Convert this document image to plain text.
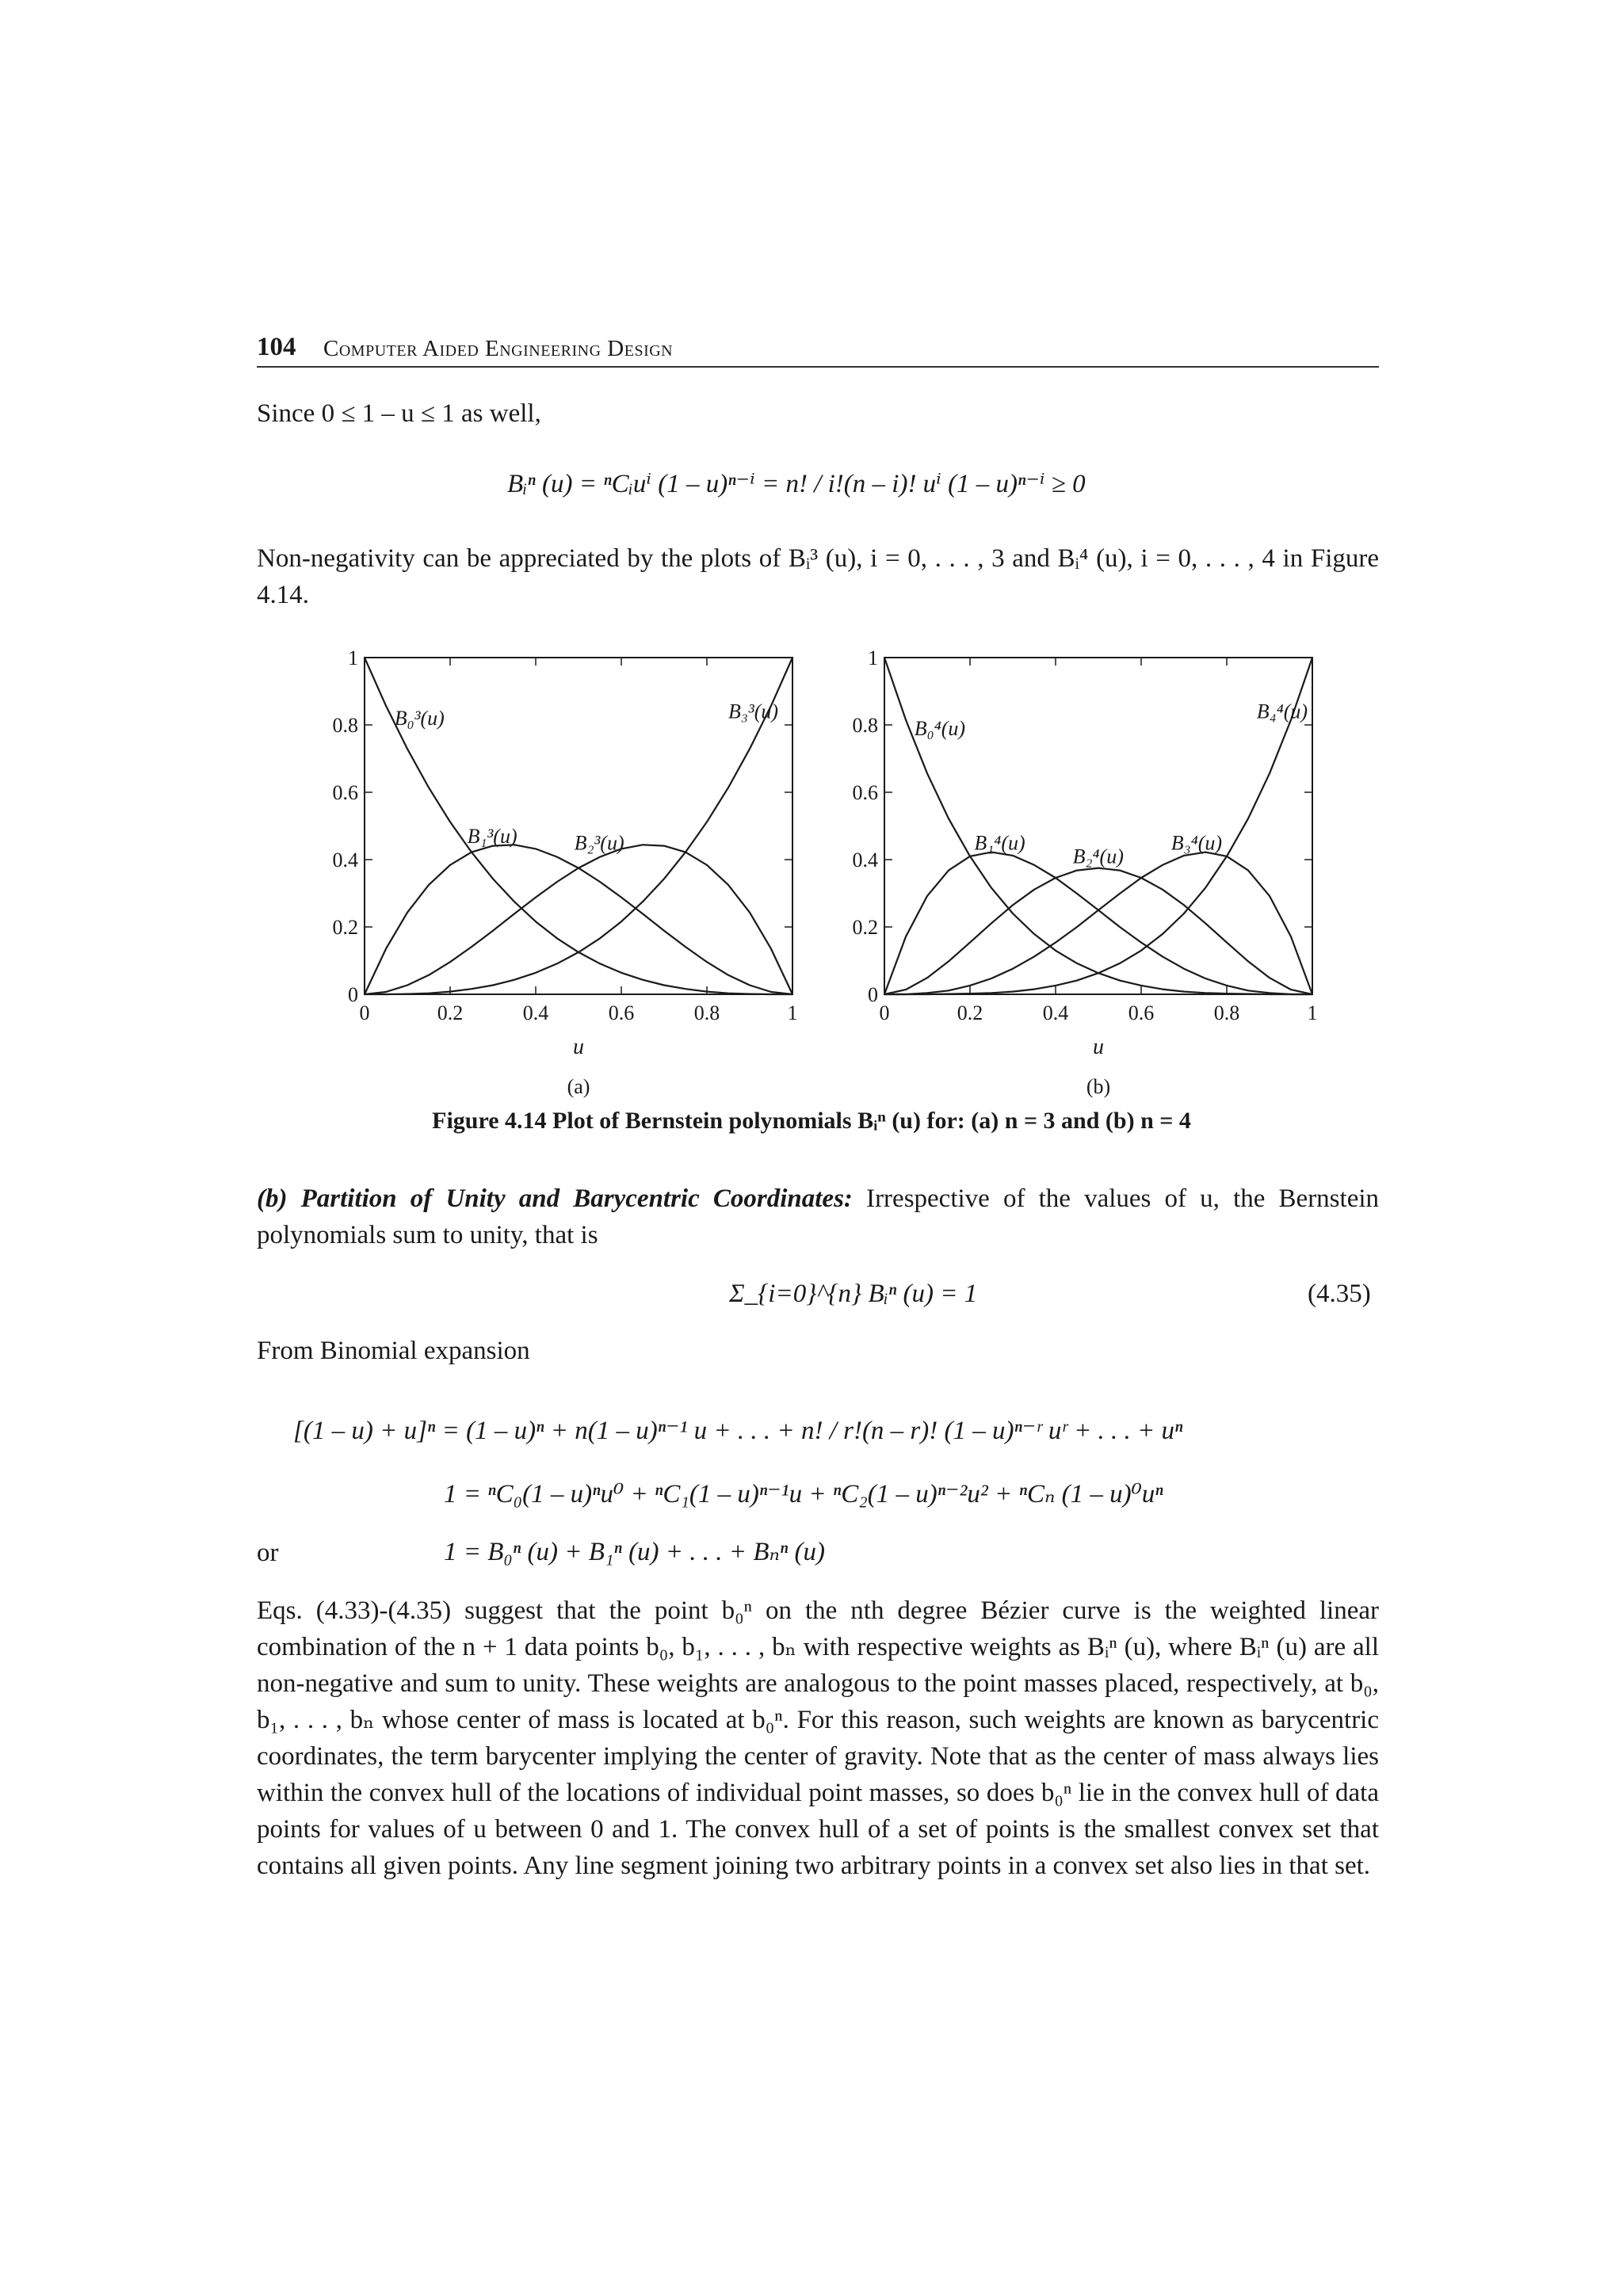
104 Computer Aided Engineering Design
Since 0 ≤ 1 – u ≤ 1 as well,
Bᵢⁿ (u) = ⁿCᵢuⁱ (1 – u)ⁿ⁻ⁱ = n! / i!(n – i)! uⁱ (1 – u)ⁿ⁻ⁱ ≥ 0
Non-negativity can be appreciated by the plots of Bᵢ³ (u), i = 0, . . . , 3 and Bᵢ⁴ (u), i = 0, . . . , 4 in Figure 4.14.
0	0.2	0.4	0.6	0.8	1
0
0.2
0.4
0.6
0.8
1
B₀³(u)
B₁³(u)	B₂³(u)
B₃³(u)
u
(a)
0	0.2	0.4	0.6	0.8	1
0
0.2
0.4
0.6
0.8
1
B₀⁴(u)
B₁⁴(u)
B₂⁴(u)
B₃⁴(u)
B₄⁴(u)
u
(b)
Figure 4.14 Plot of Bernstein polynomials Bᵢⁿ (u) for: (a) n = 3 and (b) n = 4
(b) Partition of Unity and Barycentric Coordinates: Irrespective of the values of u, the Bernstein polynomials sum to unity, that is
Σ_{i=0}^{n} Bᵢⁿ (u) = 1	(4.35)
From Binomial expansion
[(1 – u) + u]ⁿ = (1 – u)ⁿ + n(1 – u)ⁿ⁻¹ u + . . . + n! / r!(n – r)! (1 – u)ⁿ⁻ʳ uʳ + . . . + uⁿ
1 = ⁿC₀(1 – u)ⁿu⁰ + ⁿC₁(1 – u)ⁿ⁻¹u + ⁿC₂(1 – u)ⁿ⁻²u² + ⁿCₙ (1 – u)⁰uⁿ
or	1 = B₀ⁿ (u) + B₁ⁿ (u) + . . . + Bₙⁿ (u)
Eqs. (4.33)-(4.35) suggest that the point b₀ⁿ on the nth degree Bézier curve is the weighted linear combination of the n + 1 data points b₀, b₁, . . . , bₙ with respective weights as Bᵢⁿ (u), where Bᵢⁿ (u) are all non-negative and sum to unity. These weights are analogous to the point masses placed, respectively, at b₀, b₁, . . . , bₙ whose center of mass is located at b₀ⁿ. For this reason, such weights are known as barycentric coordinates, the term barycenter implying the center of gravity. Note that as the center of mass always lies within the convex hull of the locations of individual point masses, so does b₀ⁿ lie in the convex hull of data points for values of u between 0 and 1. The convex hull of a set of points is the smallest convex set that contains all given points. Any line segment joining two arbitrary points in a convex set also lies in that set.
